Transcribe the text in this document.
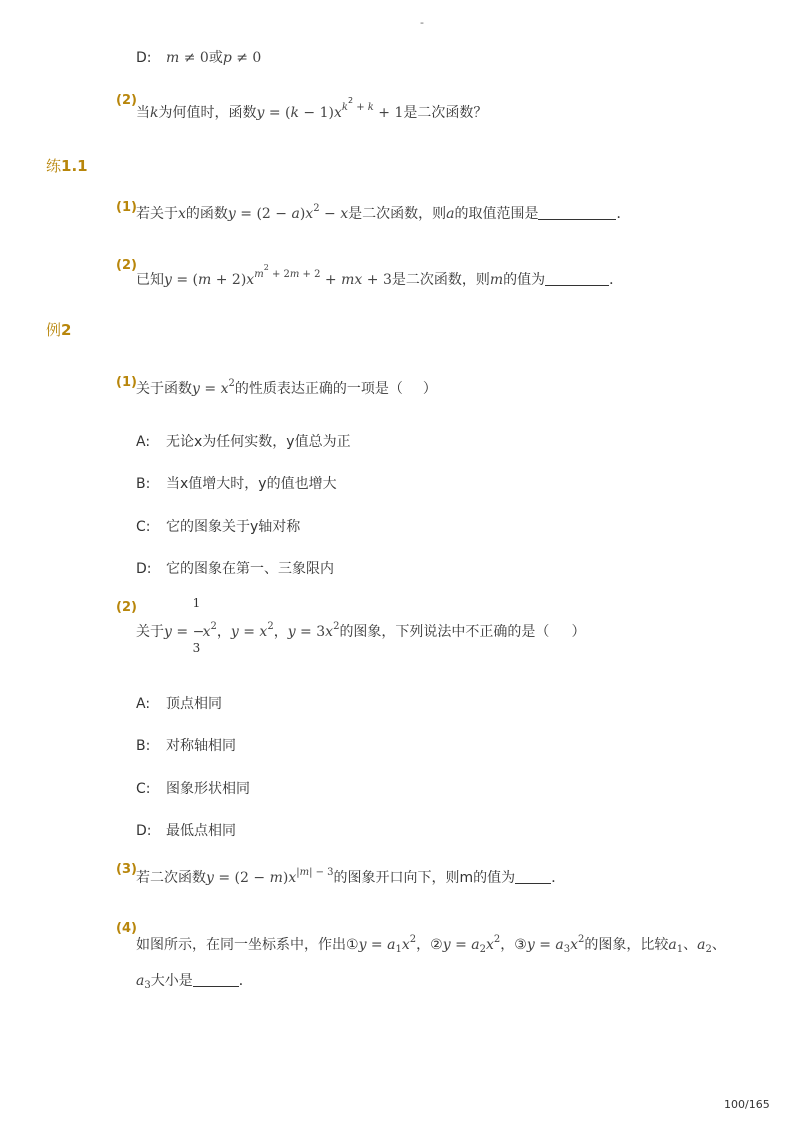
-
D: m ≠ 0或p ≠ 0
(2)
当k为何值时，函数$y = (k - 1)x^{k^2 + k} + 1$是二次函数？
练1.1
(1) 若关于x的函数$y = (2 - a)x^2 - x$是二次函数，则a的取值范围是	．
(2)
已知$y = (m + 2)x^{m^2 + 2m + 2}$ + mx + 3是二次函数，则m的值为	．
例2
(1) 关于函数$y = x^2$的性质表达正确的一项是（ ）
A: 无论x为任何实数，y值总为正
B: 当x值增大时，y的值也增大
C: 它的图象关于y轴对称
D: 它的图象在第一、三象限内
(2)
关于y =
1
−
3
$x^2$，$y = x^2$，$y = 3x^2$的图象，下列说法中不正确的是（ ）
A: 顶点相同
B: 对称轴相同
C: 图象形状相同
D: 最低点相同
(3)
若二次函数$y = (2 - m)x^{|m| - 3}$的图象开口向下，则m的值为	．
(4)
如图所示，在同一坐标系中，作出①y = $a_1x^2$，②y = $a_2x^2$，③y = $a_3x^2$的图象，比较$a_1$、$a_2$、
$a_3$大小是	．
100/165
